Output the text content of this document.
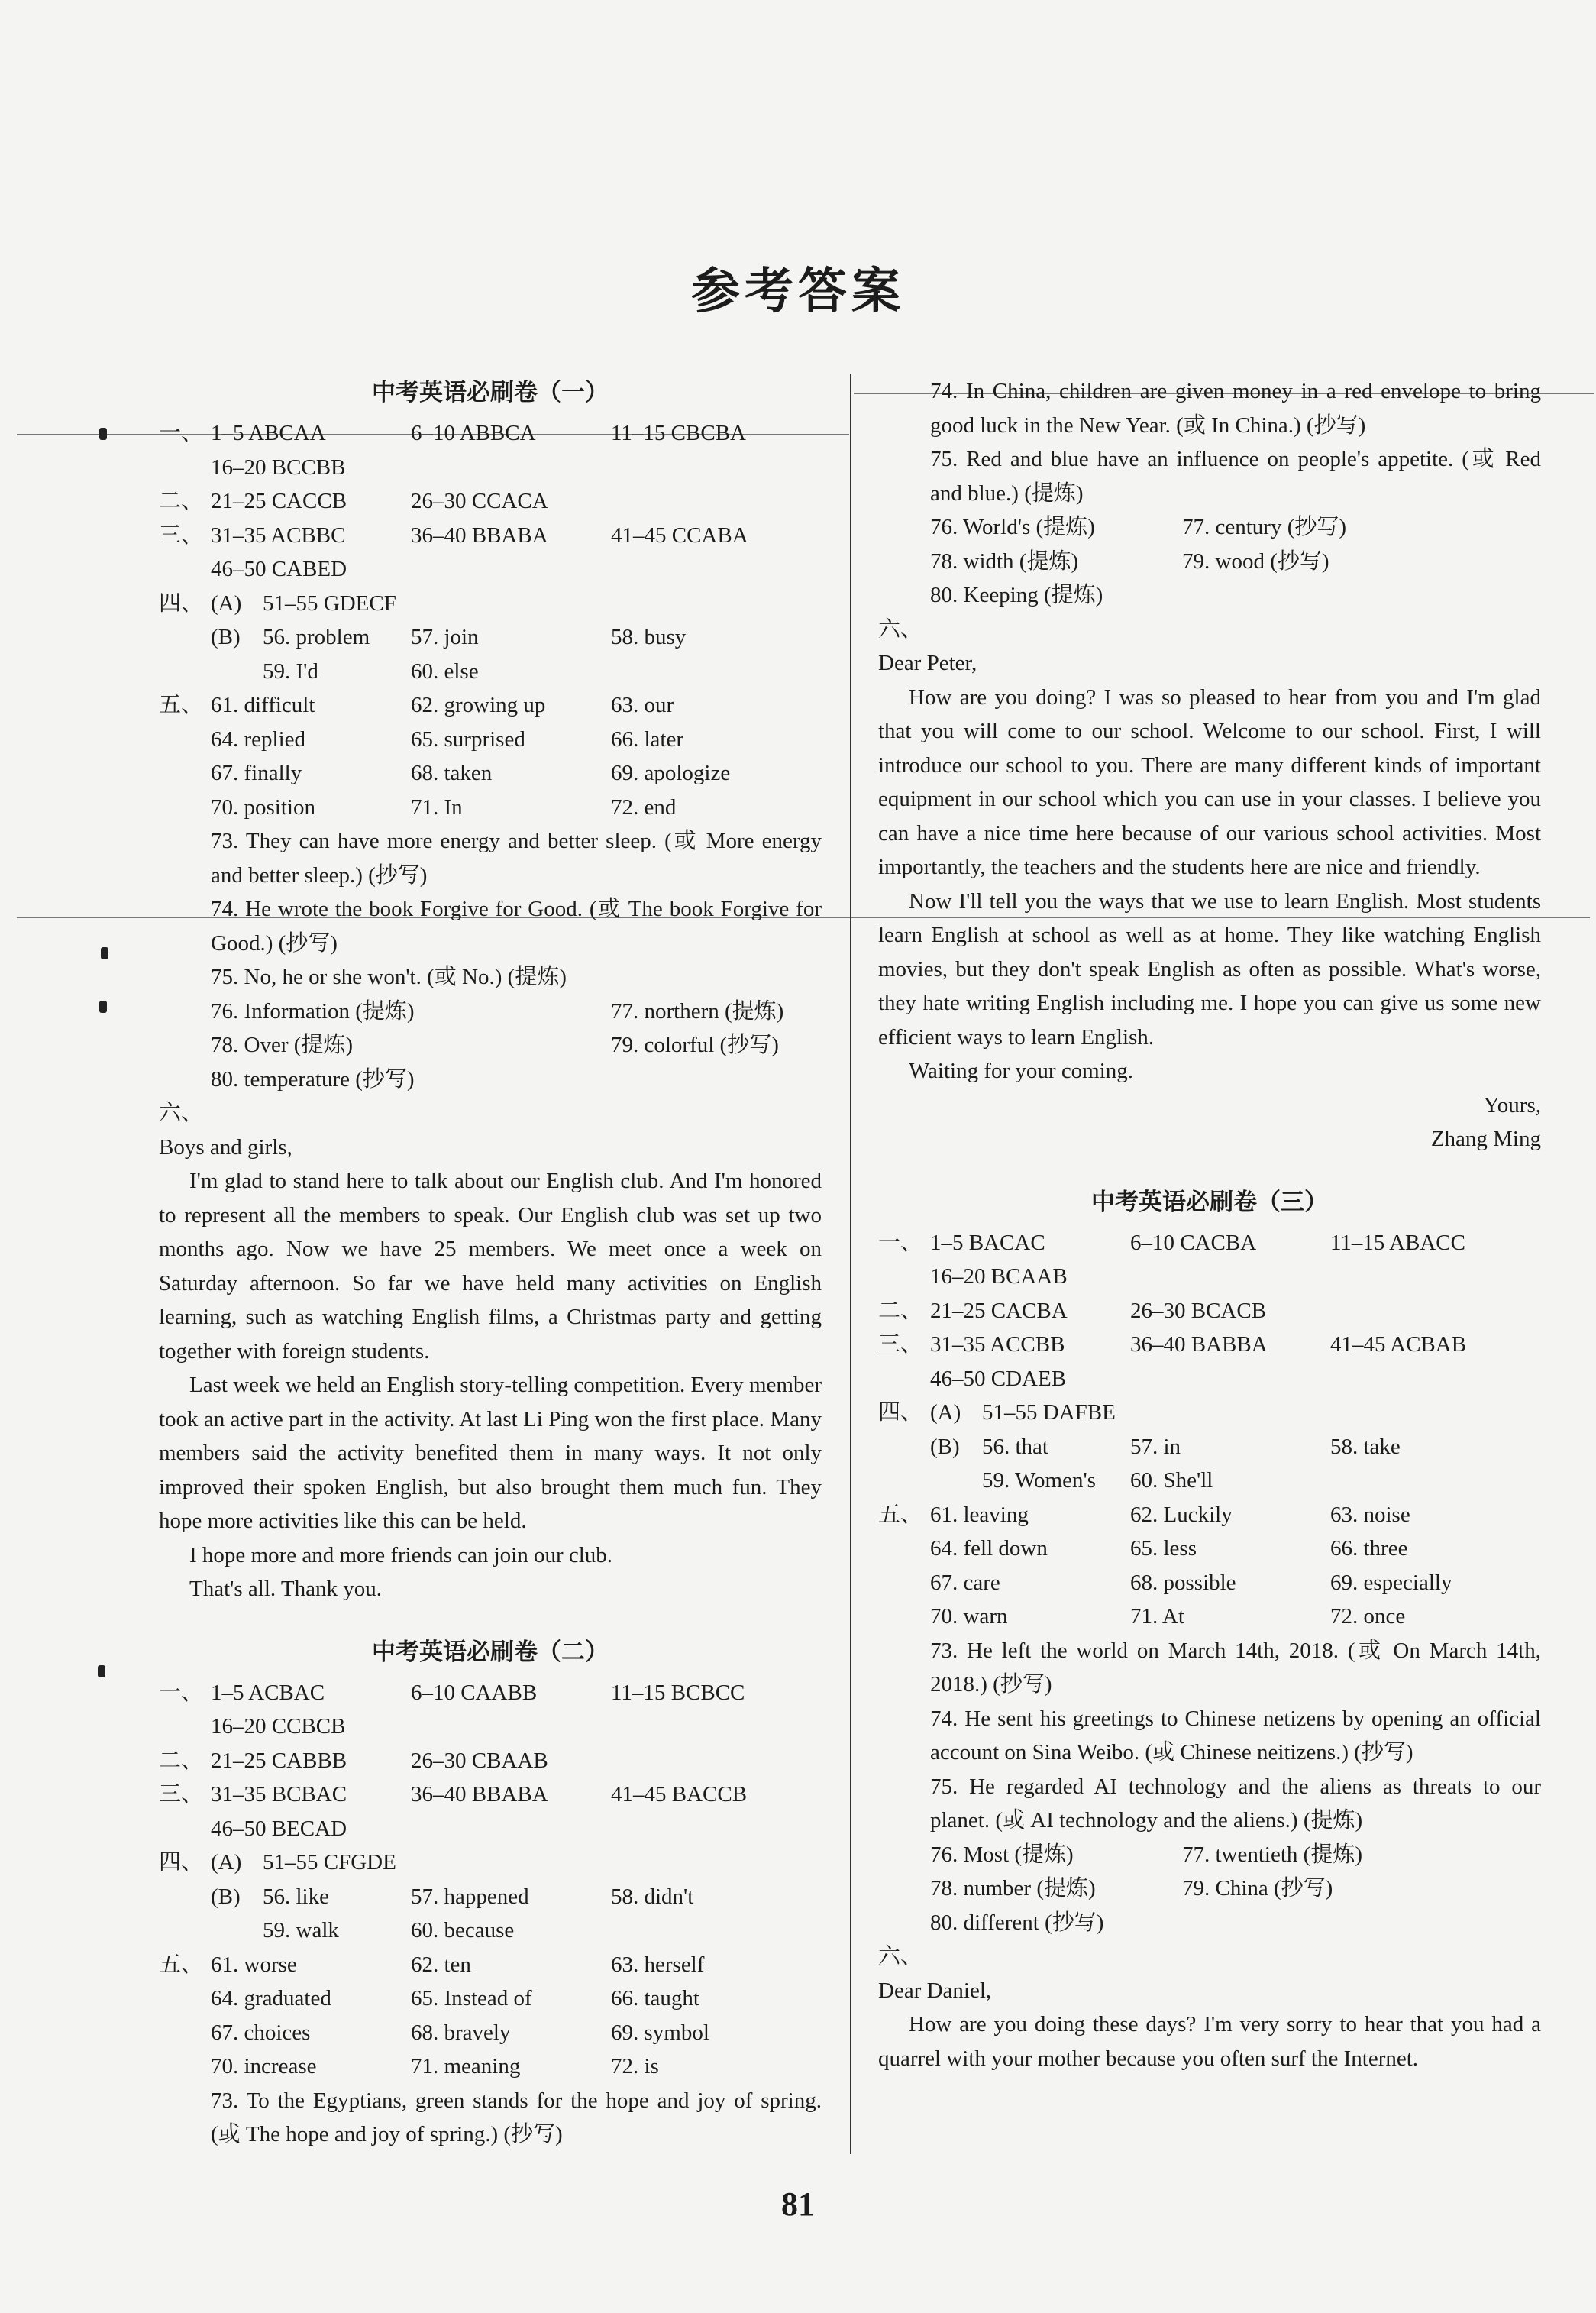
参考答案
中考英语必刷卷（一）
一、 1–5 ABCAA	6–10 ABBCA	11–15 CBCBA
16–20 BCCBB
二、 21–25 CACCB	26–30 CCACA
三、 31–35 ACBBC	36–40 BBABA	41–45 CCABA
46–50 CABED
四、 (A) 51–55 GDECF
(B)	56. problem	57. join	58. busy
59. I'd	60. else
五、 61. difficult	62. growing up	63. our
64. replied	65. surprised	66. later
67. finally	68. taken	69. apologize
70. position	71. In	72. end
73. They can have more energy and better sleep. (或 More energy and better sleep.) (抄写)
74. He wrote the book Forgive for Good. (或 The book Forgive for Good.) (抄写)
75. No, he or she won't. (或 No.) (提炼)
76. Information (提炼)	77. northern (提炼)
78. Over (提炼)	79. colorful (抄写)
80. temperature (抄写)
六、
Boys and girls,
I'm glad to stand here to talk about our English club. And I'm honored to represent all the members to speak. Our English club was set up two months ago. Now we have 25 members. We meet once a week on Saturday afternoon. So far we have held many activities on English learning, such as watching English films, a Christmas party and getting together with foreign students.
Last week we held an English story-telling competition. Every member took an active part in the activity. At last Li Ping won the first place. Many members said the activity benefited them in many ways. It not only improved their spoken English, but also brought them much fun. They hope more activities like this can be held.
I hope more and more friends can join our club.
That's all. Thank you.
中考英语必刷卷（二）
一、 1–5 ACBAC	6–10 CAABB	11–15 BCBCC
16–20 CCBCB
二、 21–25 CABBB	26–30 CBAAB
三、 31–35 BCBAC	36–40 BBABA	41–45 BACCB
46–50 BECAD
四、 (A) 51–55 CFGDE
(B)	56. like	57. happened	58. didn't
59. walk	60. because
五、 61. worse	62. ten	63. herself
64. graduated	65. Instead of	66. taught
67. choices	68. bravely	69. symbol
70. increase	71. meaning	72. is
73. To the Egyptians, green stands for the hope and joy of spring. (或 The hope and joy of spring.) (抄写)
74. In China, children are given money in a red envelope to bring good luck in the New Year. (或 In China.) (抄写)
75. Red and blue have an influence on people's appetite. (或 Red and blue.) (提炼)
76. World's (提炼)	77. century (抄写)
78. width (提炼)	79. wood (抄写)
80. Keeping (提炼)
六、
Dear Peter,
How are you doing? I was so pleased to hear from you and I'm glad that you will come to our school. Welcome to our school. First, I will introduce our school to you. There are many different kinds of important equipment in our school which you can use in your classes. I believe you can have a nice time here because of our various school activities. Most importantly, the teachers and the students here are nice and friendly.
Now I'll tell you the ways that we use to learn English. Most students learn English at school as well as at home. They like watching English movies, but they don't speak English as often as possible. What's worse, they hate writing English including me. I hope you can give us some new efficient ways to learn English.
Waiting for your coming.
Yours,
Zhang Ming
中考英语必刷卷（三）
一、 1–5 BACAC	6–10 CACBA	11–15 ABACC
16–20 BCAAB
二、 21–25 CACBA	26–30 BCACB
三、 31–35 ACCBB	36–40 BABBA	41–45 ACBAB
46–50 CDAEB
四、 (A) 51–55 DAFBE
(B)	56. that	57. in	58. take
59. Women's	60. She'll
五、 61. leaving	62. Luckily	63. noise
64. fell down	65. less	66. three
67. care	68. possible	69. especially
70. warn	71. At	72. once
73. He left the world on March 14th, 2018. (或 On March 14th, 2018.) (抄写)
74. He sent his greetings to Chinese netizens by opening an official account on Sina Weibo. (或 Chinese neitizens.) (抄写)
75. He regarded AI technology and the aliens as threats to our planet. (或 AI technology and the aliens.) (提炼)
76. Most (提炼)	77. twentieth (提炼)
78. number (提炼)	79. China (抄写)
80. different (抄写)
六、
Dear Daniel,
How are you doing these days? I'm very sorry to hear that you had a quarrel with your mother because you often surf the Internet.
81
